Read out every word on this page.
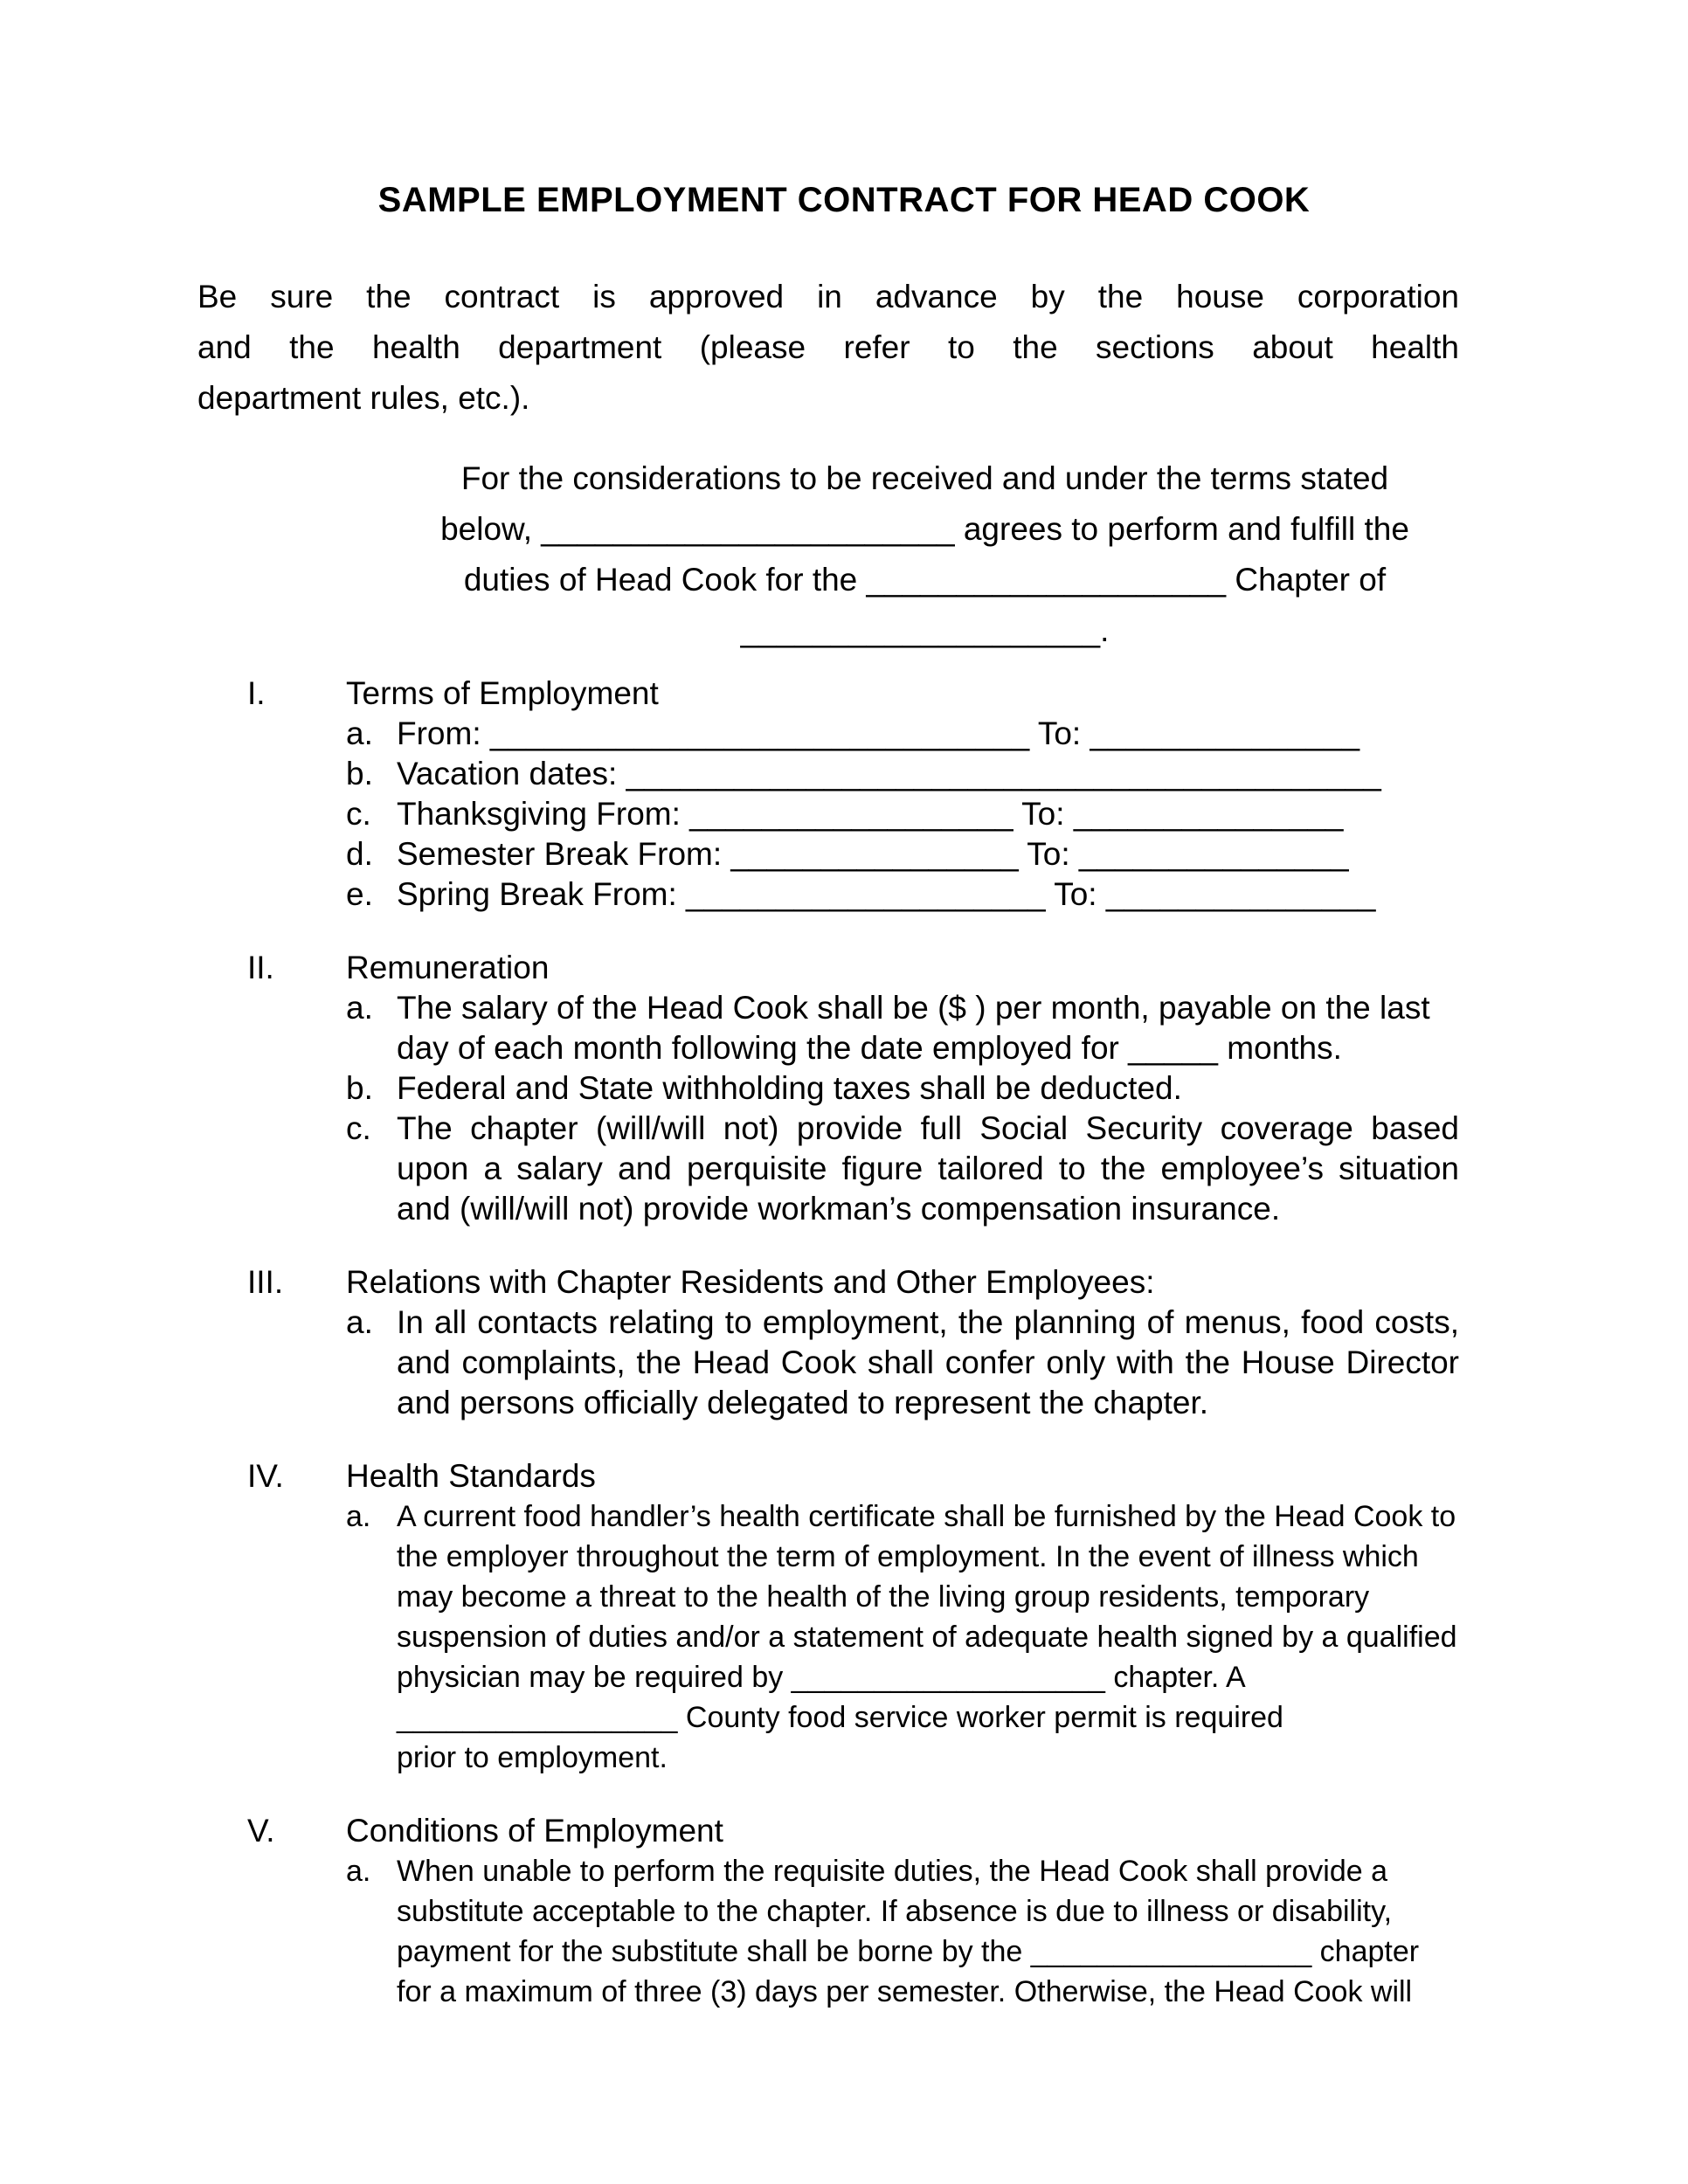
SAMPLE EMPLOYMENT CONTRACT FOR HEAD COOK
Be sure the contract is approved in advance by the house corporation
and the health department (please refer to the sections about health
department rules, etc.).
For the considerations to be received and under the terms stated
below, _______________________ agrees to perform and fulfill the
duties of Head Cook for the ____________________ Chapter of
____________________.
I.	Terms of Employment
a. From: ______________________________ To: _______________
b. Vacation dates: __________________________________________
c. Thanksgiving From: __________________ To: _______________
d. Semester Break From: ________________ To: _______________
e. Spring Break From: ____________________ To: _______________
II.	Remuneration
a. The salary of the Head Cook shall be ($ ) per month, payable on the last
day of each month following the date employed for _____ months.
b. Federal and State withholding taxes shall be deducted.
c. The chapter (will/will not) provide full Social Security coverage based
upon a salary and perquisite figure tailored to the employee’s situation
and (will/will not) provide workman’s compensation insurance.
III.	Relations with Chapter Residents and Other Employees:
a. In all contacts relating to employment, the planning of menus, food costs,
and complaints, the Head Cook shall confer only with the House Director
and persons officially delegated to represent the chapter.
IV.	Health Standards
a. A current food handler’s health certificate shall be furnished by the Head Cook to
the employer throughout the term of employment. In the event of illness which
may become a threat to the health of the living group residents, temporary
suspension of duties and/or a statement of adequate health signed by a qualified
physician may be required by ___________________ chapter. A
_________________ County food service worker permit is required
prior to employment.
V.	Conditions of Employment
a. When unable to perform the requisite duties, the Head Cook shall provide a
substitute acceptable to the chapter. If absence is due to illness or disability,
payment for the substitute shall be borne by the _________________ chapter
for a maximum of three (3) days per semester. Otherwise, the Head Cook will
